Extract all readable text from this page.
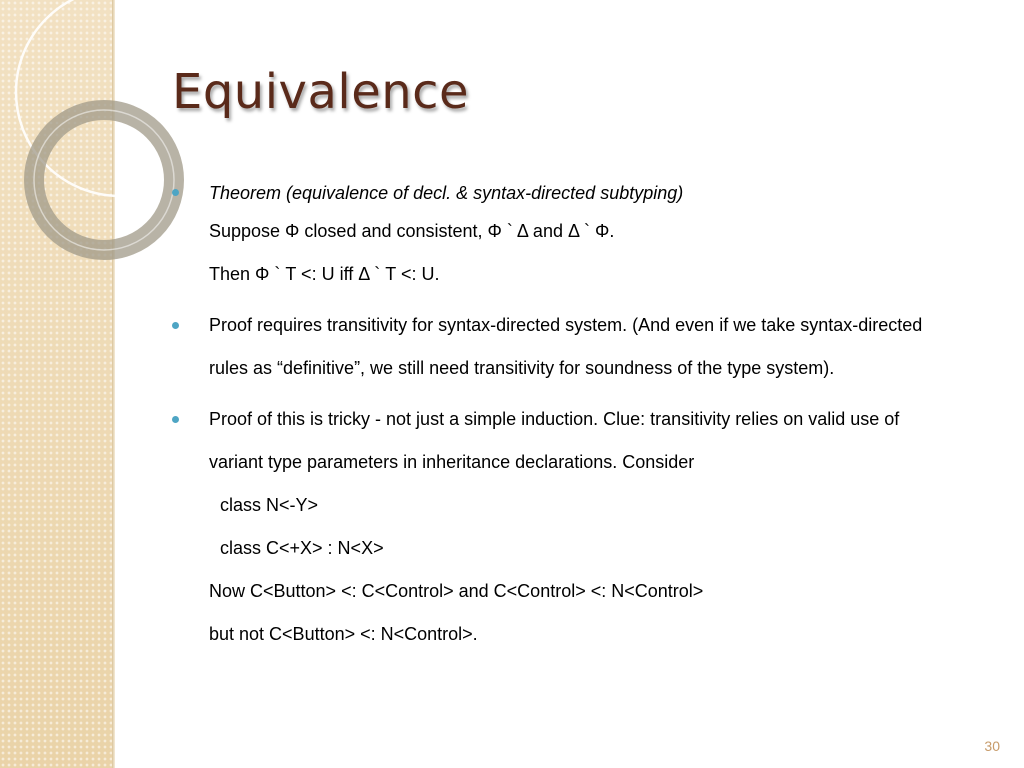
Equivalence
Theorem (equivalence of decl. & syntax-directed subtyping)
Suppose Φ closed and consistent, Φ ` Δ and Δ ` Φ.
Then Φ ` T <: U iff Δ ` T <: U.
Proof requires transitivity for syntax-directed system. (And even if we take syntax-directed
rules as “definitive”, we still need transitivity for soundness of the type system).
Proof of this is tricky - not just a simple induction. Clue: transitivity relies on valid use of
variant type parameters in inheritance declarations. Consider
class N<-Y>
class C<+X> : N<X>
Now C<Button> <: C<Control> and C<Control> <: N<Control>
but not C<Button> <: N<Control>.
30
